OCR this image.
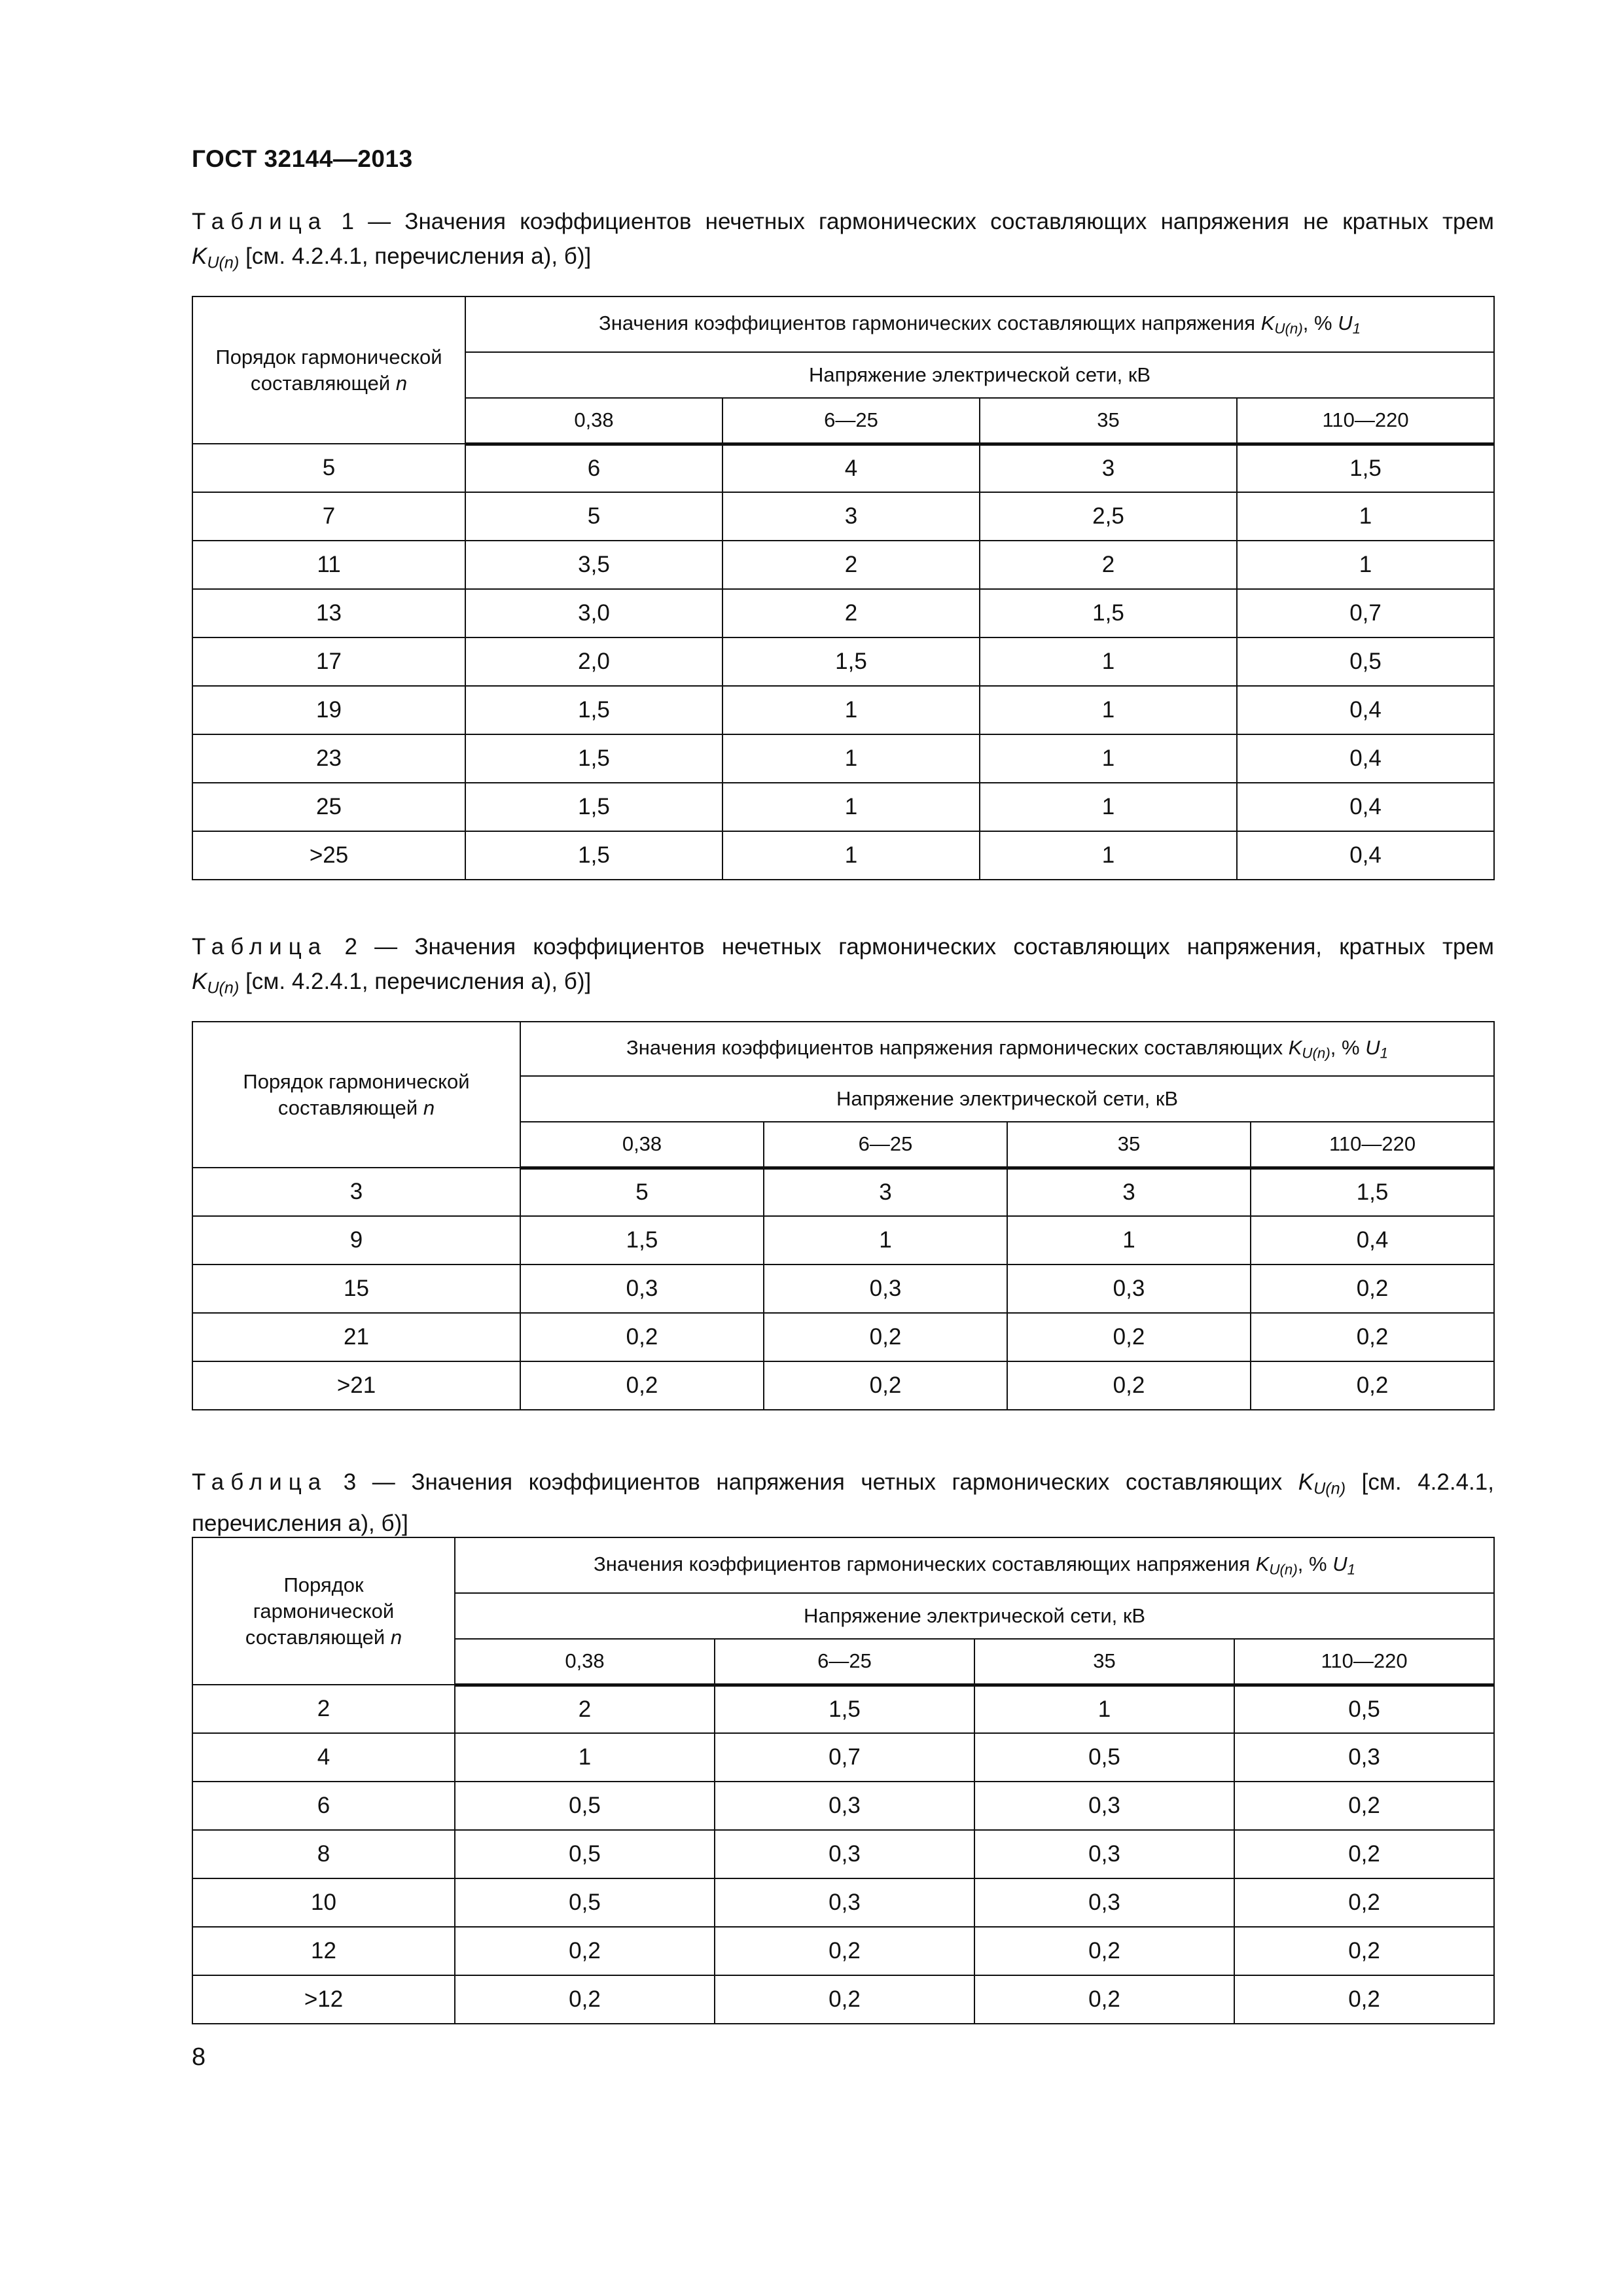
ГОСТ 32144—2013
Таблица 1 — Значения коэффициентов нечетных гармонических составляющих напряжения не кратных трем
$K_{U(n)}$ [см. 4.2.4.1, перечисления а), б)]
Порядок гармонической
составляющей n	Значения коэффициентов гармонических составляющих напряжения $K_{U(n)}$, % $U_1$
	Напряжение электрической сети, кВ			
	0,38	6—25	35	110—220
5	6	4	3	1,5
7	5	3	2,5	1
11	3,5	2	2	1
13	3,0	2	1,5	0,7
17	2,0	1,5	1	0,5
19	1,5	1	1	0,4
23	1,5	1	1	0,4
25	1,5	1	1	0,4
>25	1,5	1	1	0,4
Таблица 2 — Значения коэффициентов нечетных гармонических составляющих напряжения, кратных трем
$K_{U(n)}$ [см. 4.2.4.1, перечисления а), б)]
Порядок гармонической
составляющей n	Значения коэффициентов напряжения гармонических составляющих $K_{U(n)}$, % $U_1$
	Напряжение электрической сети, кВ			
	0,38	6—25	35	110—220
3	5	3	3	1,5
9	1,5	1	1	0,4
15	0,3	0,3	0,3	0,2
21	0,2	0,2	0,2	0,2
>21	0,2	0,2	0,2	0,2
Таблица 3 — Значения коэффициентов напряжения четных гармонических составляющих $K_{U(n)}$ [см. 4.2.4.1,
перечисления а), б)]
Порядок
гармонической
составляющей n	Значения коэффициентов гармонических составляющих напряжения $K_{U(n)}$, % $U_1$
	Напряжение электрической сети, кВ			
	0,38	6—25	35	110—220
2	2	1,5	1	0,5
4	1	0,7	0,5	0,3
6	0,5	0,3	0,3	0,2
8	0,5	0,3	0,3	0,2
10	0,5	0,3	0,3	0,2
12	0,2	0,2	0,2	0,2
>12	0,2	0,2	0,2	0,2
8
